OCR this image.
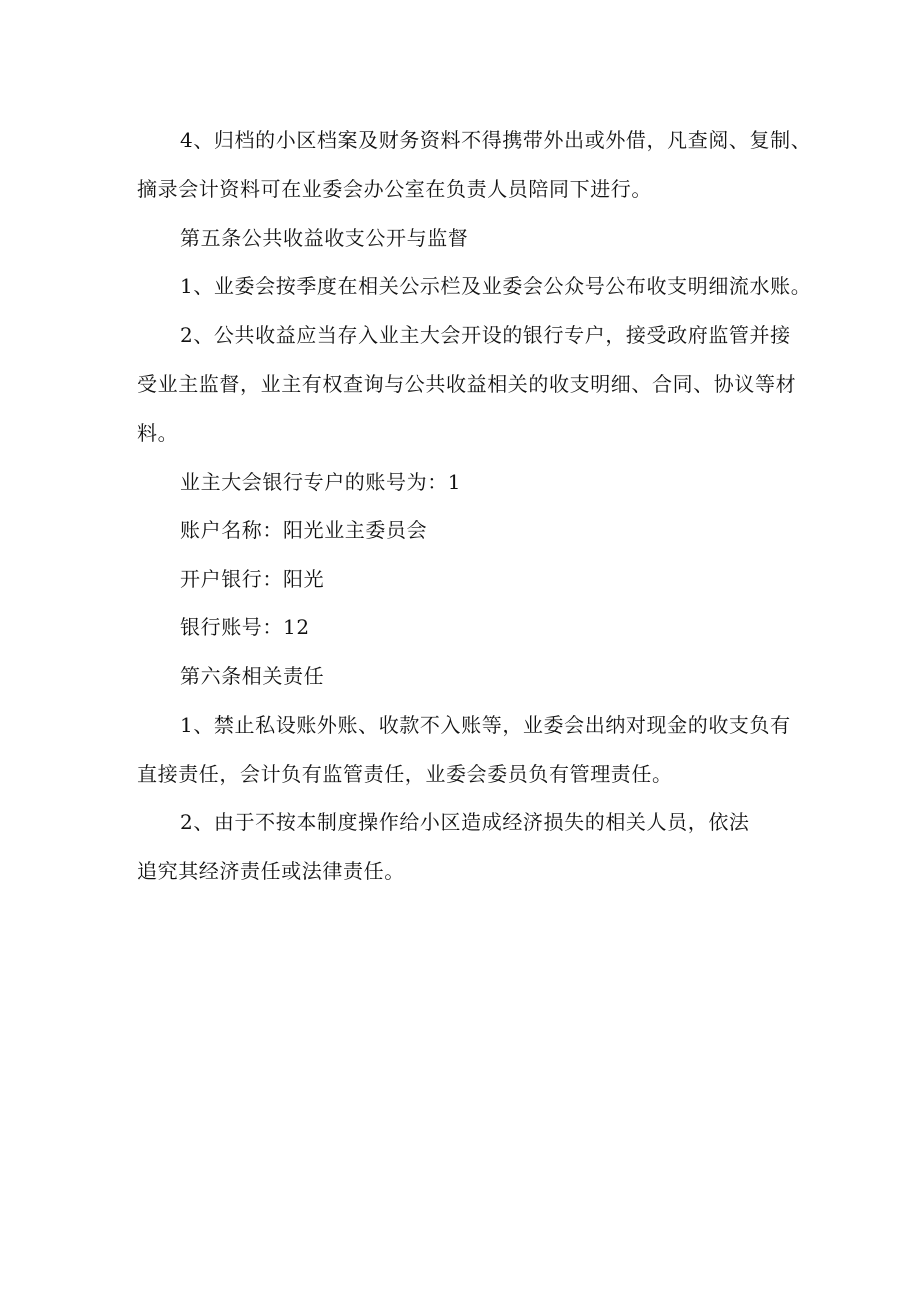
4、归档的小区档案及财务资料不得携带外出或外借，凡查阅、复制、
摘录会计资料可在业委会办公室在负责人员陪同下进行。
第五条公共收益收支公开与监督
1、业委会按季度在相关公示栏及业委会公众号公布收支明细流水账。
2、公共收益应当存入业主大会开设的银行专户，接受政府监管并接
受业主监督，业主有权查询与公共收益相关的收支明细、合同、协议等材
料。
业主大会银行专户的账号为：1
账户名称：阳光业主委员会
开户银行：阳光
银行账号：12
第六条相关责任
1、禁止私设账外账、收款不入账等，业委会出纳对现金的收支负有
直接责任，会计负有监管责任，业委会委员负有管理责任。
2、由于不按本制度操作给小区造成经济损失的相关人员，依法
追究其经济责任或法律责任。
